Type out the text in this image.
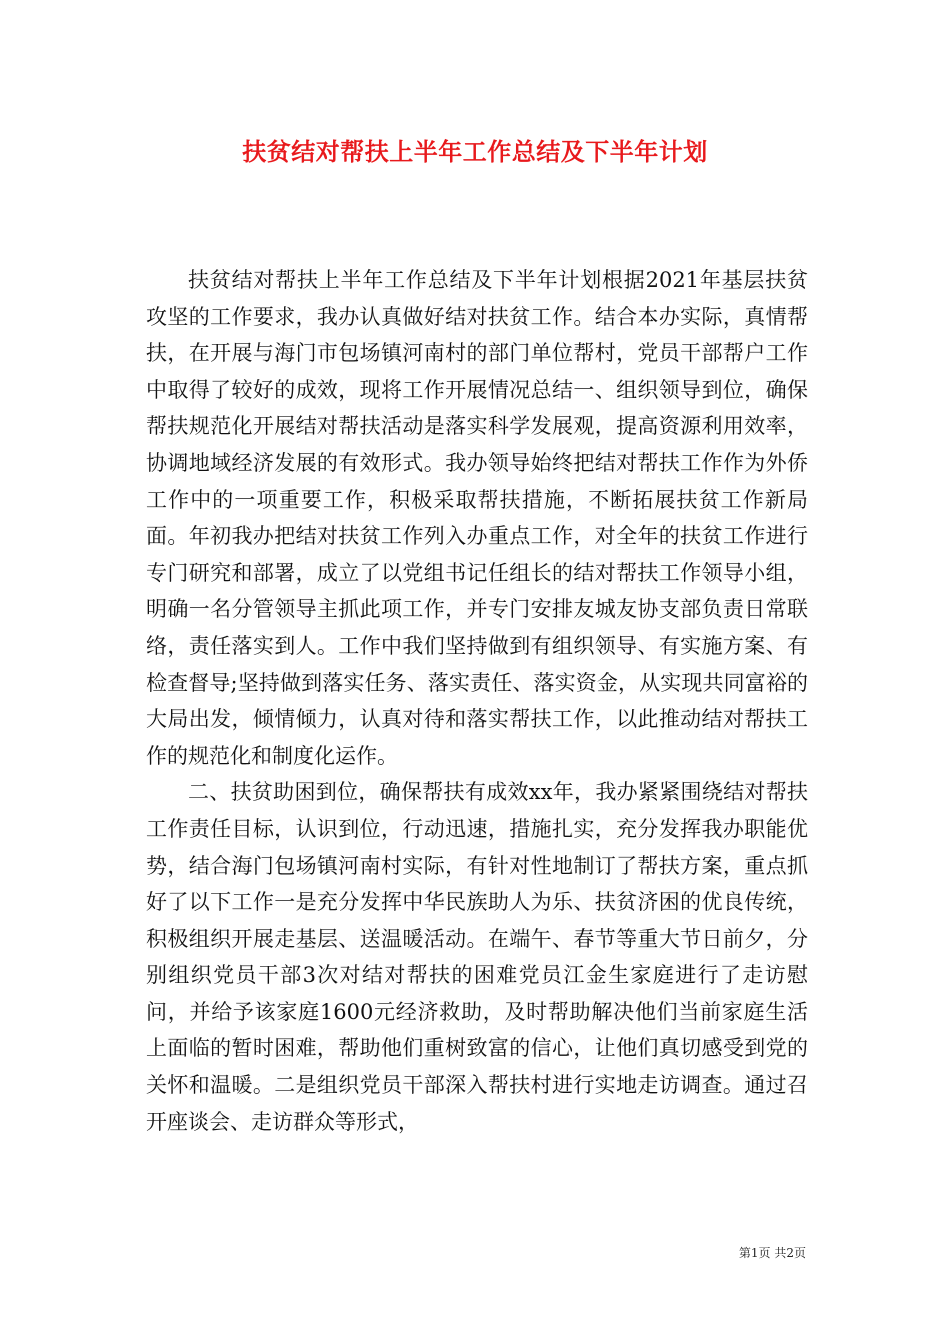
扶贫结对帮扶上半年工作总结及下半年计划

扶贫结对帮扶上半年工作总结及下半年计划根据2021年基层扶贫攻坚的工作要求，我办认真做好结对扶贫工作。结合本办实际，真情帮扶，在开展与海门市包场镇河南村的部门单位帮村，党员干部帮户工作中取得了较好的成效，现将工作开展情况总结一、组织领导到位，确保帮扶规范化开展结对帮扶活动是落实科学发展观，提高资源利用效率，协调地域经济发展的有效形式。我办领导始终把结对帮扶工作作为外侨工作中的一项重要工作，积极采取帮扶措施，不断拓展扶贫工作新局面。年初我办把结对扶贫工作列入办重点工作，对全年的扶贫工作进行专门研究和部署，成立了以党组书记任组长的结对帮扶工作领导小组，明确一名分管领导主抓此项工作，并专门安排友城友协支部负责日常联络，责任落实到人。工作中我们坚持做到有组织领导、有实施方案、有检查督导;坚持做到落实任务、落实责任、落实资金，从实现共同富裕的大局出发，倾情倾力，认真对待和落实帮扶工作，以此推动结对帮扶工作的规范化和制度化运作。

二、扶贫助困到位，确保帮扶有成效xx年，我办紧紧围绕结对帮扶工作责任目标，认识到位，行动迅速，措施扎实，充分发挥我办职能优势，结合海门包场镇河南村实际，有针对性地制订了帮扶方案，重点抓好了以下工作一是充分发挥中华民族助人为乐、扶贫济困的优良传统，积极组织开展走基层、送温暖活动。在端午、春节等重大节日前夕，分别组织党员干部3次对结对帮扶的困难党员江金生家庭进行了走访慰问，并给予该家庭1600元经济救助，及时帮助解决他们当前家庭生活上面临的暂时困难，帮助他们重树致富的信心，让他们真切感受到党的关怀和温暖。二是组织党员干部深入帮扶村进行实地走访调查。通过召开座谈会、走访群众等形式，

第1页 共2页
